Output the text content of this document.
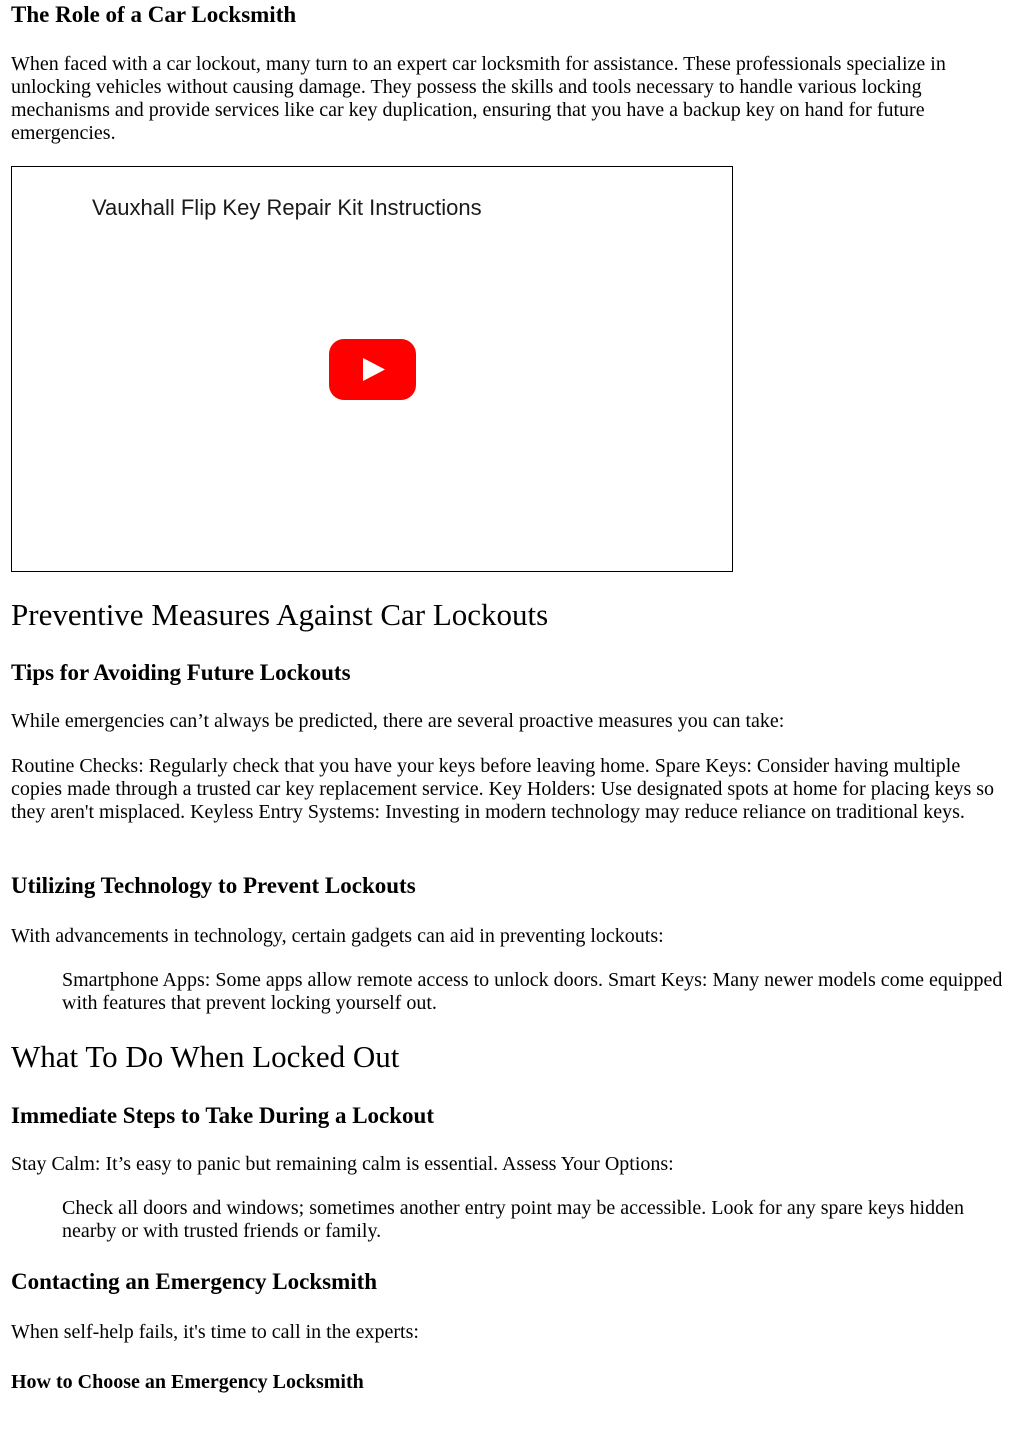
The Role of a Car Locksmith

When faced with a car lockout, many turn to an expert car locksmith for assistance. These professionals specialize in unlocking vehicles without causing damage. They possess the skills and tools necessary to handle various locking mechanisms and provide services like car key duplication, ensuring that you have a backup key on hand for future emergencies.

Vauxhall Flip Key Repair Kit Instructions
Preventive Measures Against Car Lockouts
Tips for Avoiding Future Lockouts

While emergencies can’t always be predicted, there are several proactive measures you can take:

Routine Checks: Regularly check that you have your keys before leaving home. Spare Keys: Consider having multiple copies made through a trusted car key replacement service. Key Holders: Use designated spots at home for placing keys so they aren't misplaced. Keyless Entry Systems: Investing in modern technology may reduce reliance on traditional keys.

Utilizing Technology to Prevent Lockouts

With advancements in technology, certain gadgets can aid in preventing lockouts:

Smartphone Apps: Some apps allow remote access to unlock doors. Smart Keys: Many newer models come equipped with features that prevent locking yourself out.

What To Do When Locked Out
Immediate Steps to Take During a Lockout

Stay Calm: It’s easy to panic but remaining calm is essential. Assess Your Options:

Check all doors and windows; sometimes another entry point may be accessible. Look for any spare keys hidden nearby or with trusted friends or family.

Contacting an Emergency Locksmith

When self-help fails, it's time to call in the experts:

How to Choose an Emergency Locksmith
